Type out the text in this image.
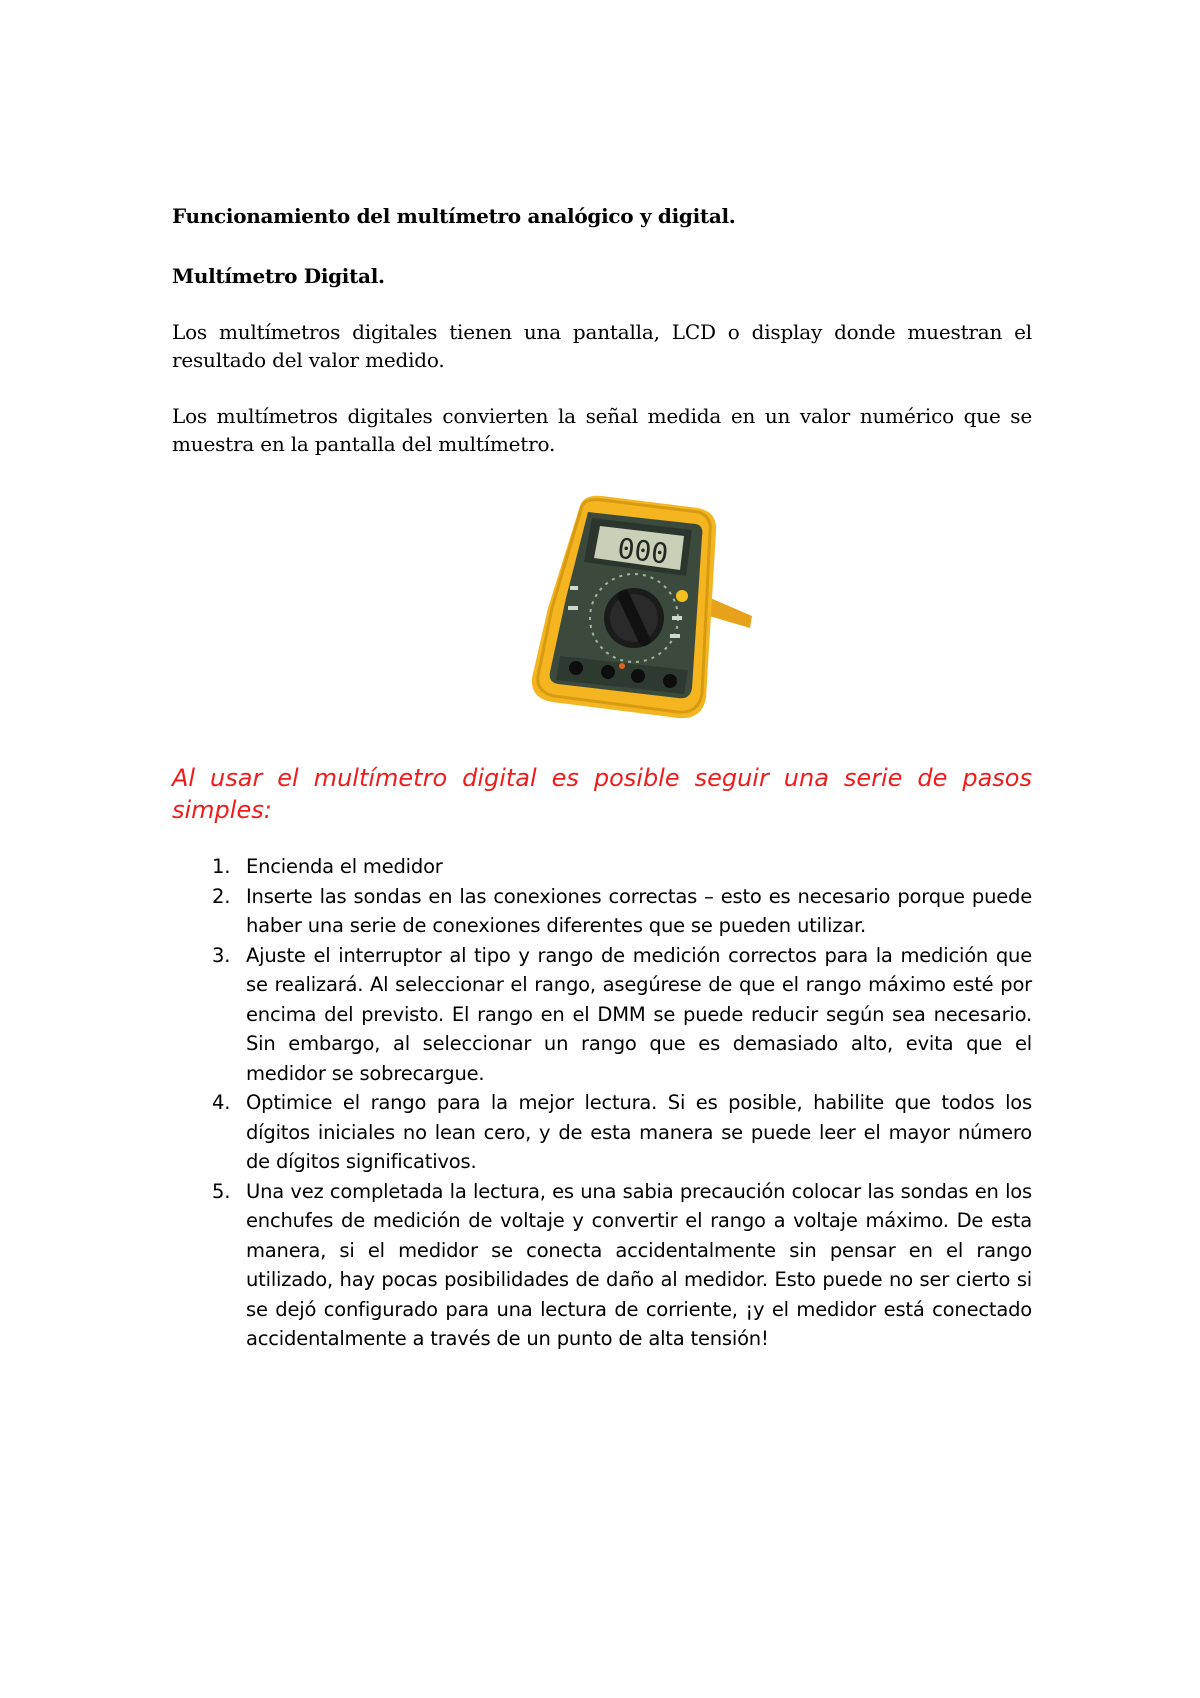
Funcionamiento del multímetro analógico y digital.
Multímetro Digital.

Los multímetros digitales tienen una pantalla, LCD o display donde muestran el resultado del valor medido.

Los multímetros digitales convierten la señal medida en un valor numérico que se muestra en la pantalla del multímetro.

000

Al usar el multímetro digital es posible seguir una serie de pasos simples:

1. Encienda el medidor
2. Inserte las sondas en las conexiones correctas – esto es necesario porque puede haber una serie de conexiones diferentes que se pueden utilizar.
3. Ajuste el interruptor al tipo y rango de medición correctos para la medición que se realizará. Al seleccionar el rango, asegúrese de que el rango máximo esté por encima del previsto. El rango en el DMM se puede reducir según sea necesario. Sin embargo, al seleccionar un rango que es demasiado alto, evita que el medidor se sobrecargue.
4. Optimice el rango para la mejor lectura. Si es posible, habilite que todos los dígitos iniciales no lean cero, y de esta manera se puede leer el mayor número de dígitos significativos.
5. Una vez completada la lectura, es una sabia precaución colocar las sondas en los enchufes de medición de voltaje y convertir el rango a voltaje máximo. De esta manera, si el medidor se conecta accidentalmente sin pensar en el rango utilizado, hay pocas posibilidades de daño al medidor. Esto puede no ser cierto si se dejó configurado para una lectura de corriente, ¡y el medidor está conectado accidentalmente a través de un punto de alta tensión!
